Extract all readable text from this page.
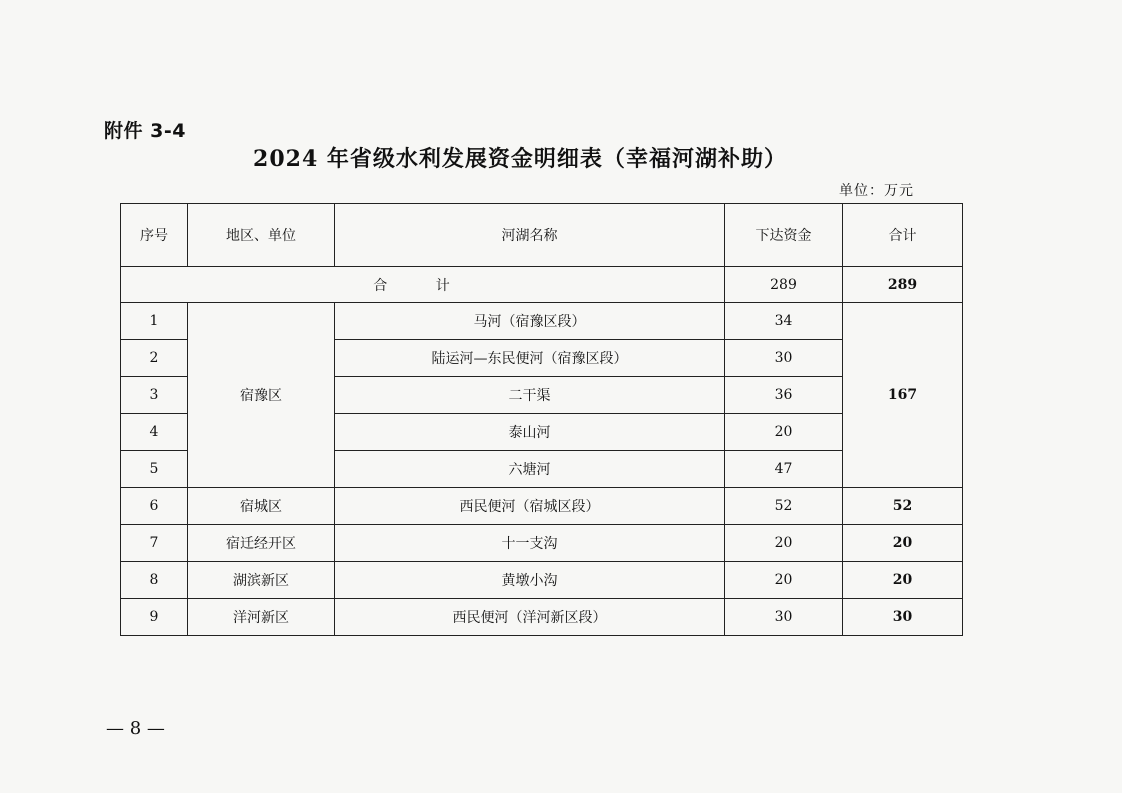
附件 3-4
2024 年省级水利发展资金明细表（幸福河湖补助）
单位：万元
序号	地区、单位	河湖名称	下达资金	合计
合 计			289	289
1	宿豫区	马河（宿豫区段）	34	167
2		陆运河—东民便河（宿豫区段）	30	
3		二干渠	36	
4		泰山河	20	
5		六塘河	47	
6	宿城区	西民便河（宿城区段）	52	52
7	宿迁经开区	十一支沟	20	20
8	湖滨新区	黄墩小沟	20	20
9	洋河新区	西民便河（洋河新区段）	30	30
— 8 —
